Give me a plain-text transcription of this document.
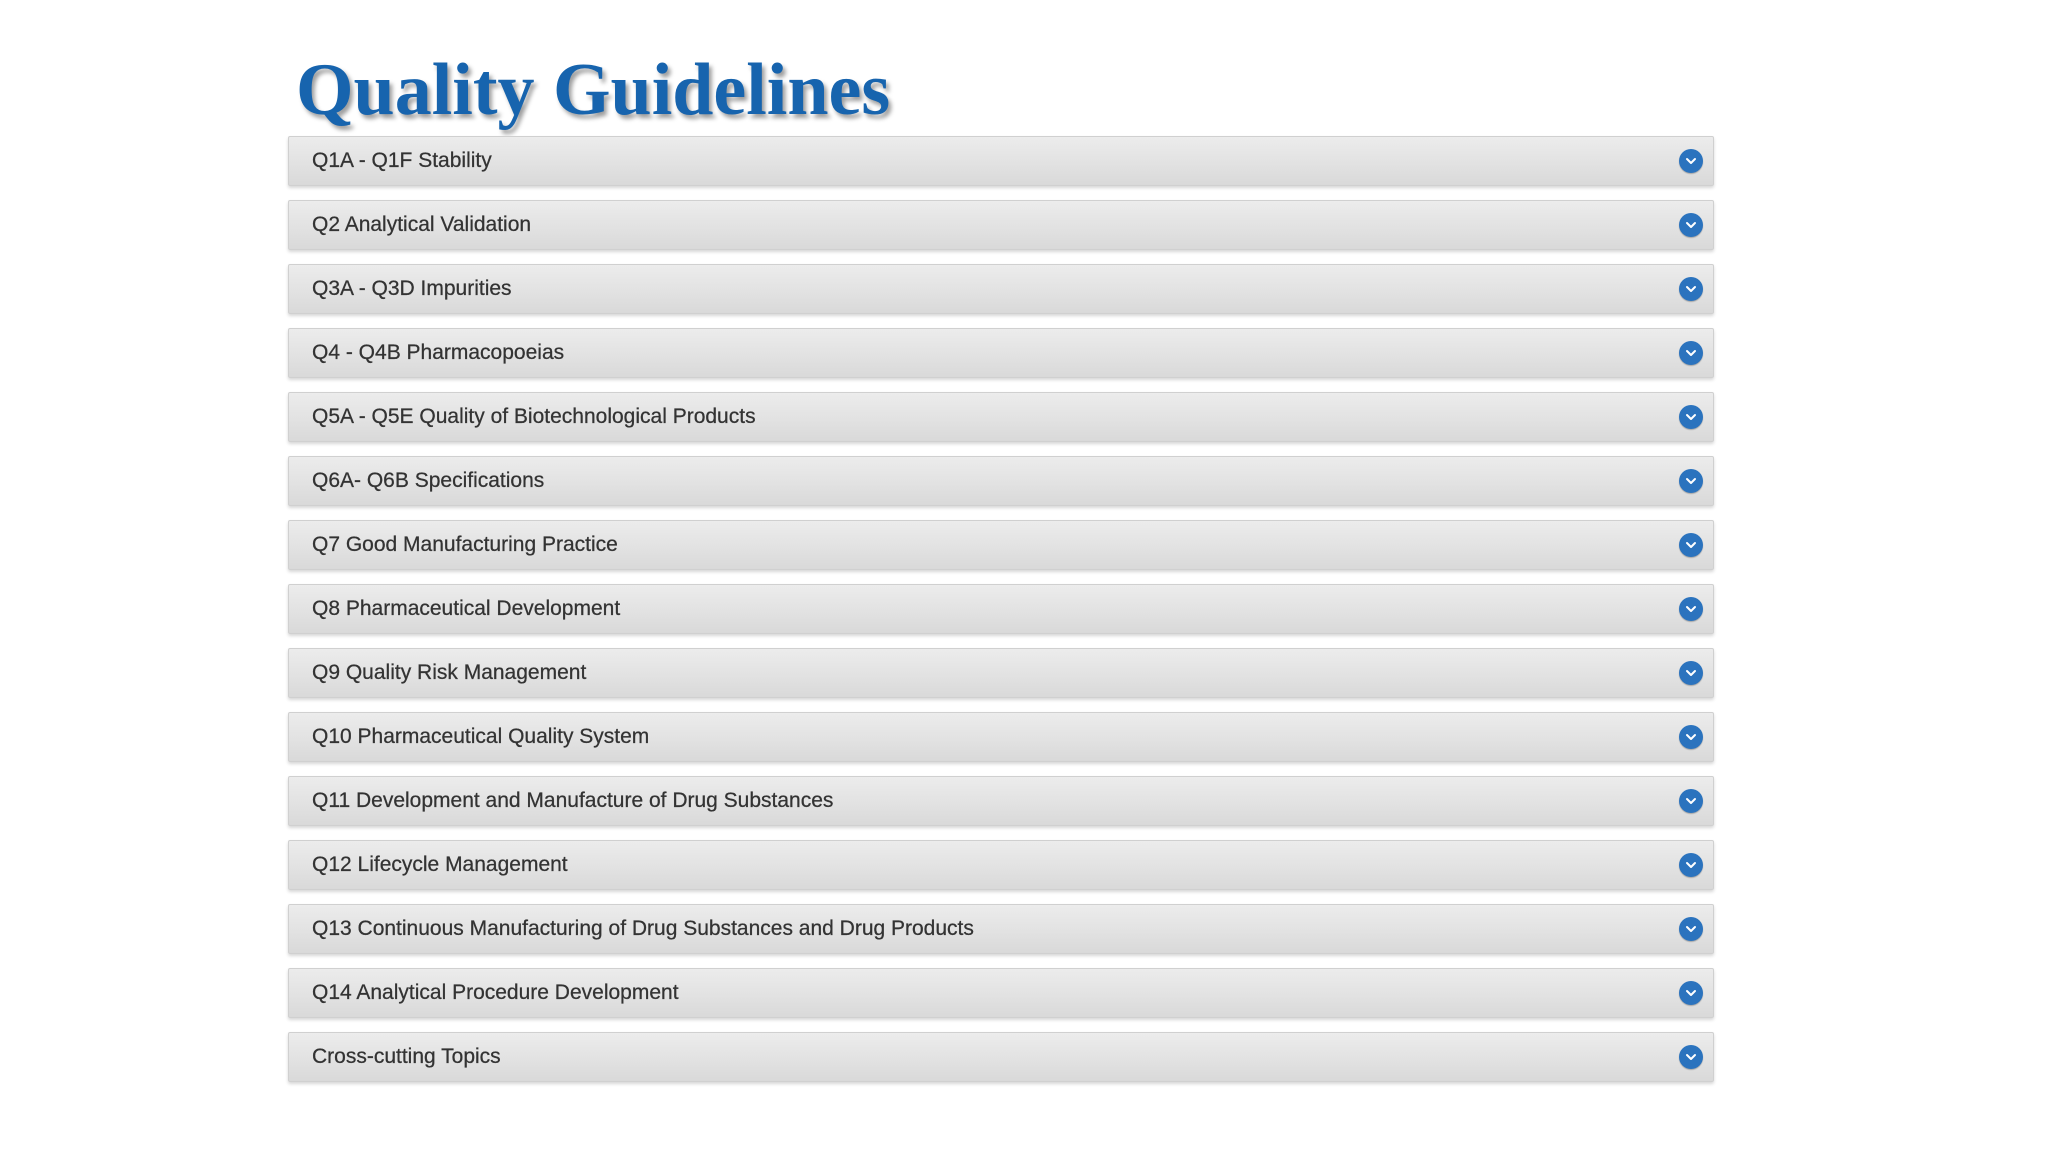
Quality Guidelines
Q1A - Q1F Stability
Q2 Analytical Validation
Q3A - Q3D Impurities
Q4 - Q4B Pharmacopoeias
Q5A - Q5E Quality of Biotechnological Products
Q6A- Q6B Specifications
Q7 Good Manufacturing Practice
Q8 Pharmaceutical Development
Q9 Quality Risk Management
Q10 Pharmaceutical Quality System
Q11 Development and Manufacture of Drug Substances
Q12 Lifecycle Management
Q13 Continuous Manufacturing of Drug Substances and Drug Products
Q14 Analytical Procedure Development
Cross-cutting Topics
